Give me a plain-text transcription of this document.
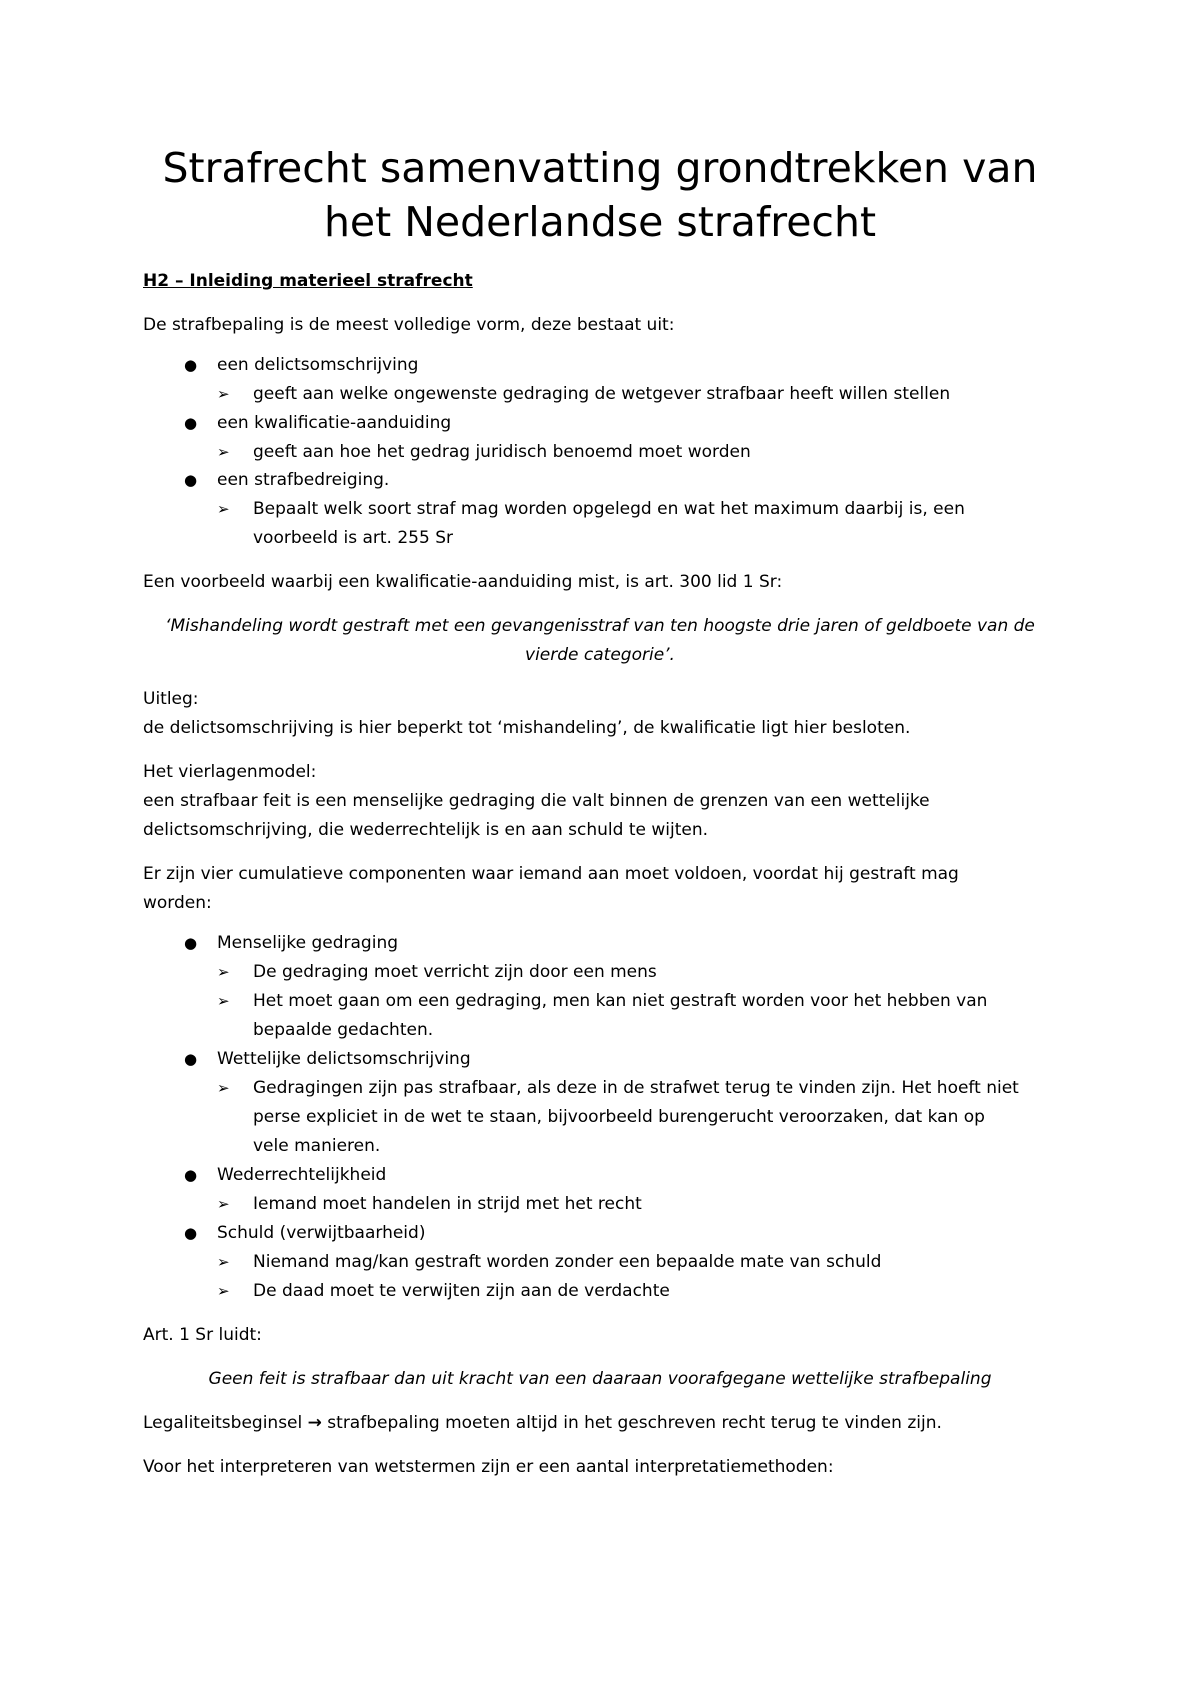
Strafrecht samenvatting grondtrekken van
het Nederlandse strafrecht
H2 – Inleiding materieel strafrecht
De strafbepaling is de meest volledige vorm, deze bestaat uit:
● een delictsomschrijving
➢ geeft aan welke ongewenste gedraging de wetgever strafbaar heeft willen stellen
● een kwalificatie-aanduiding
➢ geeft aan hoe het gedrag juridisch benoemd moet worden
● een strafbedreiging.
➢ Bepaalt welk soort straf mag worden opgelegd en wat het maximum daarbij is, een
voorbeeld is art. 255 Sr
Een voorbeeld waarbij een kwalificatie-aanduiding mist, is art. 300 lid 1 Sr:
‘Mishandeling wordt gestraft met een gevangenisstraf van ten hoogste drie jaren of geldboete van de
vierde categorie’.
Uitleg:
de delictsomschrijving is hier beperkt tot ‘mishandeling’, de kwalificatie ligt hier besloten.
Het vierlagenmodel:
een strafbaar feit is een menselijke gedraging die valt binnen de grenzen van een wettelijke
delictsomschrijving, die wederrechtelijk is en aan schuld te wijten.
Er zijn vier cumulatieve componenten waar iemand aan moet voldoen, voordat hij gestraft mag
worden:
● Menselijke gedraging
➢ De gedraging moet verricht zijn door een mens
➢ Het moet gaan om een gedraging, men kan niet gestraft worden voor het hebben van
bepaalde gedachten.
● Wettelijke delictsomschrijving
➢ Gedragingen zijn pas strafbaar, als deze in de strafwet terug te vinden zijn. Het hoeft niet
perse expliciet in de wet te staan, bijvoorbeeld burengerucht veroorzaken, dat kan op
vele manieren.
● Wederrechtelijkheid
➢ Iemand moet handelen in strijd met het recht
● Schuld (verwijtbaarheid)
➢ Niemand mag/kan gestraft worden zonder een bepaalde mate van schuld
➢ De daad moet te verwijten zijn aan de verdachte
Art. 1 Sr luidt:
Geen feit is strafbaar dan uit kracht van een daaraan voorafgegane wettelijke strafbepaling
Legaliteitsbeginsel → strafbepaling moeten altijd in het geschreven recht terug te vinden zijn.
Voor het interpreteren van wetstermen zijn er een aantal interpretatiemethoden:
